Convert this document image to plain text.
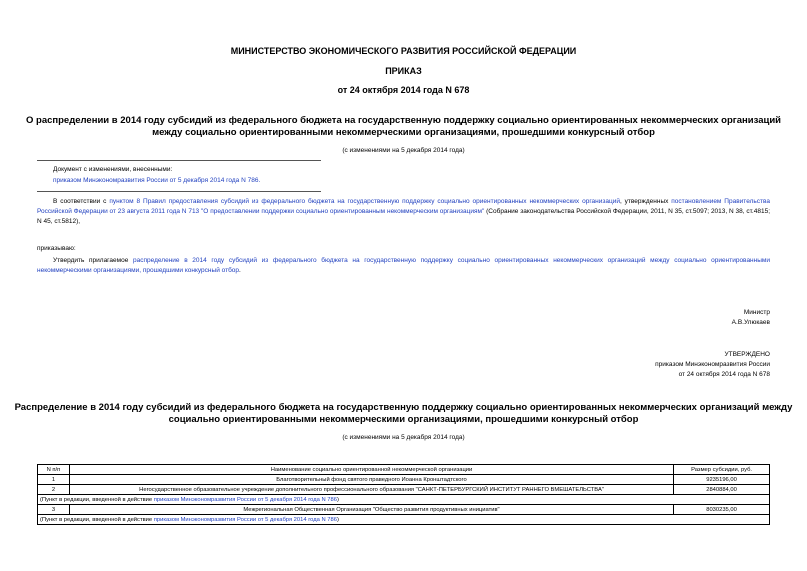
МИНИСТЕРСТВО ЭКОНОМИЧЕСКОГО РАЗВИТИЯ РОССИЙСКОЙ ФЕДЕРАЦИИ
ПРИКАЗ
от 24 октября 2014 года N 678
О распределении в 2014 году субсидий из федерального бюджета на государственную поддержку социально ориентированных некоммерческих организаций
между социально ориентированными некоммерческими организациями, прошедшими конкурсный отбор
(с изменениями на 5 декабря 2014 года)
Документ с изменениями, внесенными:
приказом Минэкономразвития России от 5 декабря 2014 года N 786.
В соответствии с пунктом 8 Правил предоставления субсидий из федерального бюджета на государственную поддержку социально ориентированных некоммерческих организаций, утвержденных постановлением Правительства Российской Федерации от 23 августа 2011 года N 713 "О предоставлении поддержки социально ориентированным некоммерческим организациям" (Собрание законодательства Российской Федерации, 2011, N 35, ст.5097; 2013, N 38, ст.4815; N 45, ст.5812),
приказываю:
Утвердить прилагаемое распределение в 2014 году субсидий из федерального бюджета на государственную поддержку социально ориентированных некоммерческих организаций между социально ориентированными некоммерческими организациями, прошедшими конкурсный отбор.
Министр
А.В.Улюкаев
УТВЕРЖДЕНО
приказом Минэкономразвития России
от 24 октября 2014 года N 678
Распределение в 2014 году субсидий из федерального бюджета на государственную поддержку социально ориентированных некоммерческих организаций между
социально ориентированными некоммерческими организациями, прошедшими конкурсный отбор
(с изменениями на 5 декабря 2014 года)
N п/п	Наименование социально ориентированной некоммерческой организации	Размер субсидии, руб.
1	Благотворительный фонд святого праведного Иоанна Кронштадтского	9235196,00
2	Негосударственное образовательное учреждение дополнительного профессионального образования "САНКТ-ПЕТЕРБУРГСКИЙ ИНСТИТУТ РАННЕГО ВМЕШАТЕЛЬСТВА"	2840884,00
(Пункт в редакции, введенной в действие приказом Минэкономразвития России от 5 декабря 2014 года N 786)		
3	Межрегиональная Общественная Организация "Общество развития продуктивных инициатив"	8030235,00
(Пункт в редакции, введенной в действие приказом Минэкономразвития России от 5 декабря 2014 года N 786)		
